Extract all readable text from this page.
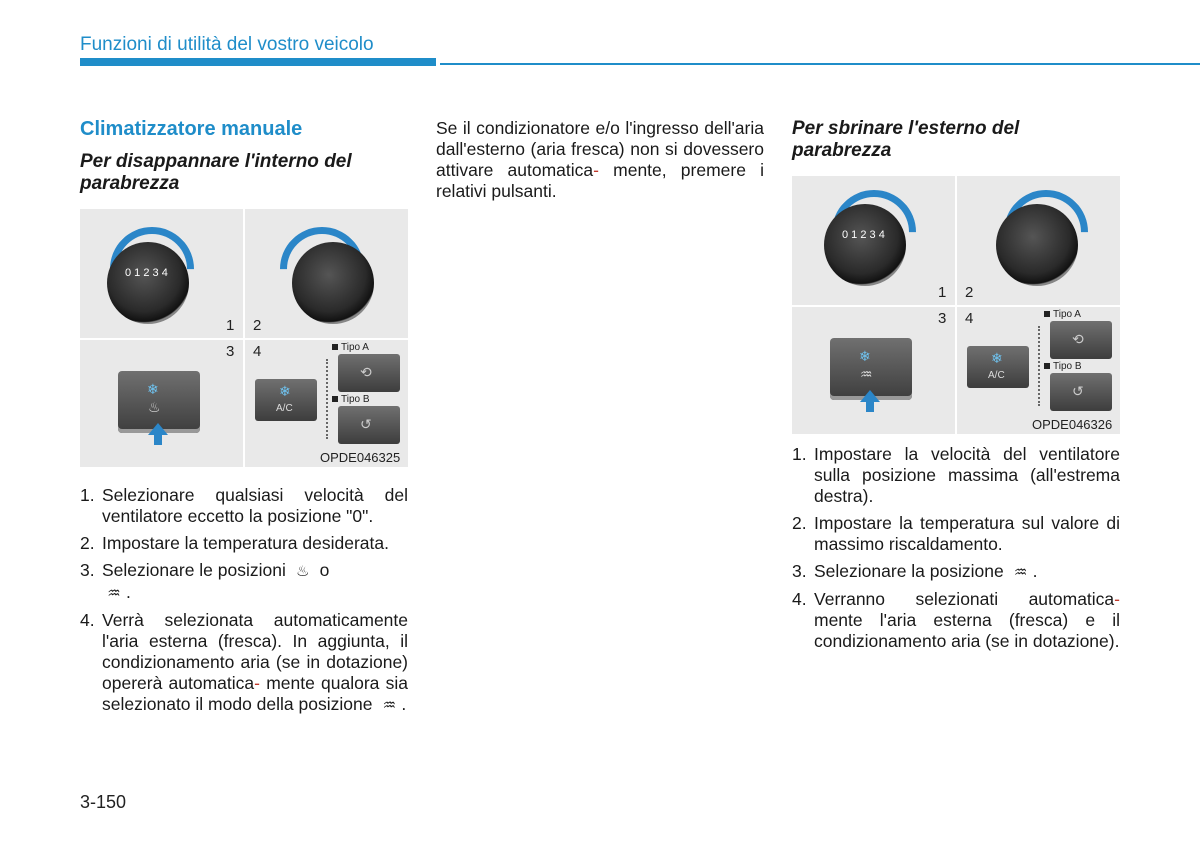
Funzioni di utilità del vostro veicolo
Climatizzatore manuale
Per disappannare l'interno del parabrezza
0 1 2 3 4
1 2
3 4
❄
♨
❄
A/C
Tipo A
⟲
Tipo B
↺
OPDE046325
1. Selezionare qualsiasi velocità del ventilatore eccetto la posizione "0".
2. Impostare la temperatura desiderata.
3. Selezionare le posizioni ♨ o
♒ .
4. Verrà selezionata automaticamente l'aria esterna (fresca). In aggiunta, il condizionamento aria (se in dotazione) opererà automatica- mente qualora sia selezionato il modo della posizione ♒ .

Se il condizionatore e/o l'ingresso dell'aria dall'esterno (aria fresca) non si dovessero attivare automatica- mente, premere i relativi pulsanti.

Per sbrinare l'esterno del parabrezza
0 1 2 3 4
1 2
3 4
❄
♒
❄
A/C
Tipo A
⟲
Tipo B
↺
OPDE046326
1. Impostare la velocità del ventilatore sulla posizione massima (all'estrema destra).
2. Impostare la temperatura sul valore di massimo riscaldamento.
3. Selezionare la posizione ♒ .
4. Verranno selezionati automatica- mente l'aria esterna (fresca) e il condizionamento aria (se in dotazione).
3-150
